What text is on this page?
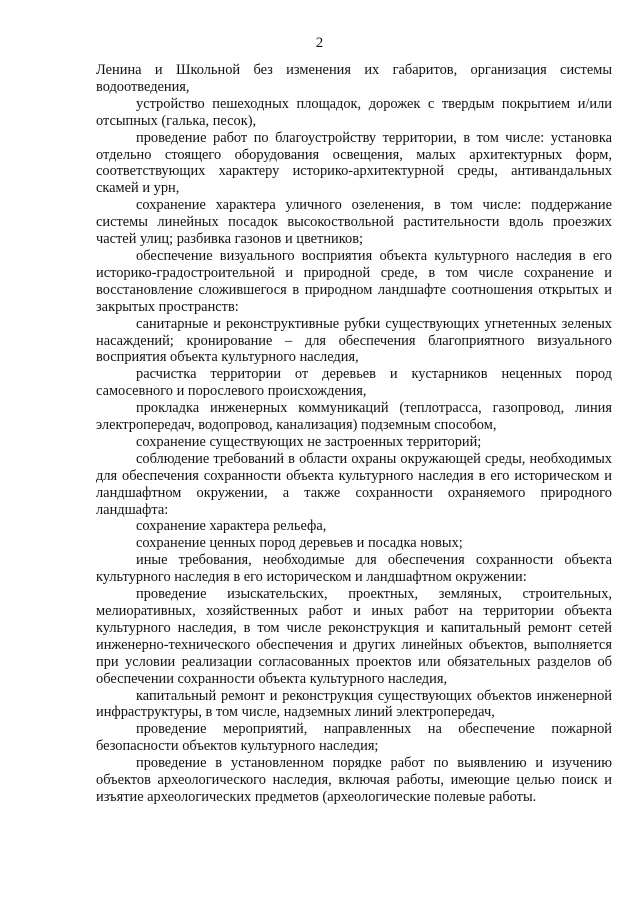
2

Ленина и Школьной без изменения их габаритов, организация системы водоотведения,

устройство пешеходных площадок, дорожек с твердым покрытием и/или отсыпных (галька, песок),

проведение работ по благоустройству территории, в том числе: установка отдельно стоящего оборудования освещения, малых архитектурных форм, соответствующих характеру историко-архитектурной среды, антивандальных скамей и урн,

сохранение характера уличного озеленения, в том числе: поддержание системы линейных посадок высокоствольной растительности вдоль проезжих частей улиц; разбивка газонов и цветников;

обеспечение визуального восприятия объекта культурного наследия в его историко-градостроительной и природной среде, в том числе сохранение и восстановление сложившегося в природном ландшафте соотношения открытых и закрытых пространств:

санитарные и реконструктивные рубки существующих угнетенных зеленых насаждений; кронирование – для обеспечения благоприятного визуального восприятия объекта культурного наследия,

расчистка территории от деревьев и кустарников неценных пород самосевного и порослевого происхождения,

прокладка инженерных коммуникаций (теплотрасса, газопровод, линия электропередач, водопровод, канализация) подземным способом,

сохранение существующих не застроенных территорий;

соблюдение требований в области охраны окружающей среды, необходимых для обеспечения сохранности объекта культурного наследия в его историческом и ландшафтном окружении, а также сохранности охраняемого природного ландшафта:

сохранение характера рельефа,

сохранение ценных пород деревьев и посадка новых;

иные требования, необходимые для обеспечения сохранности объекта культурного наследия в его историческом и ландшафтном окружении:

проведение изыскательских, проектных, земляных, строительных, мелиоративных, хозяйственных работ и иных работ на территории объекта культурного наследия, в том числе реконструкция и капитальный ремонт сетей инженерно-технического обеспечения и других линейных объектов, выполняется при условии реализации согласованных проектов или обязательных разделов об обеспечении сохранности объекта культурного наследия,

капитальный ремонт и реконструкция существующих объектов инженерной инфраструктуры, в том числе, надземных линий электропередач,

проведение мероприятий, направленных на обеспечение пожарной безопасности объектов культурного наследия;

проведение в установленном порядке работ по выявлению и изучению объектов археологического наследия, включая работы, имеющие целью поиск и изъятие археологических предметов (археологические полевые работы.
